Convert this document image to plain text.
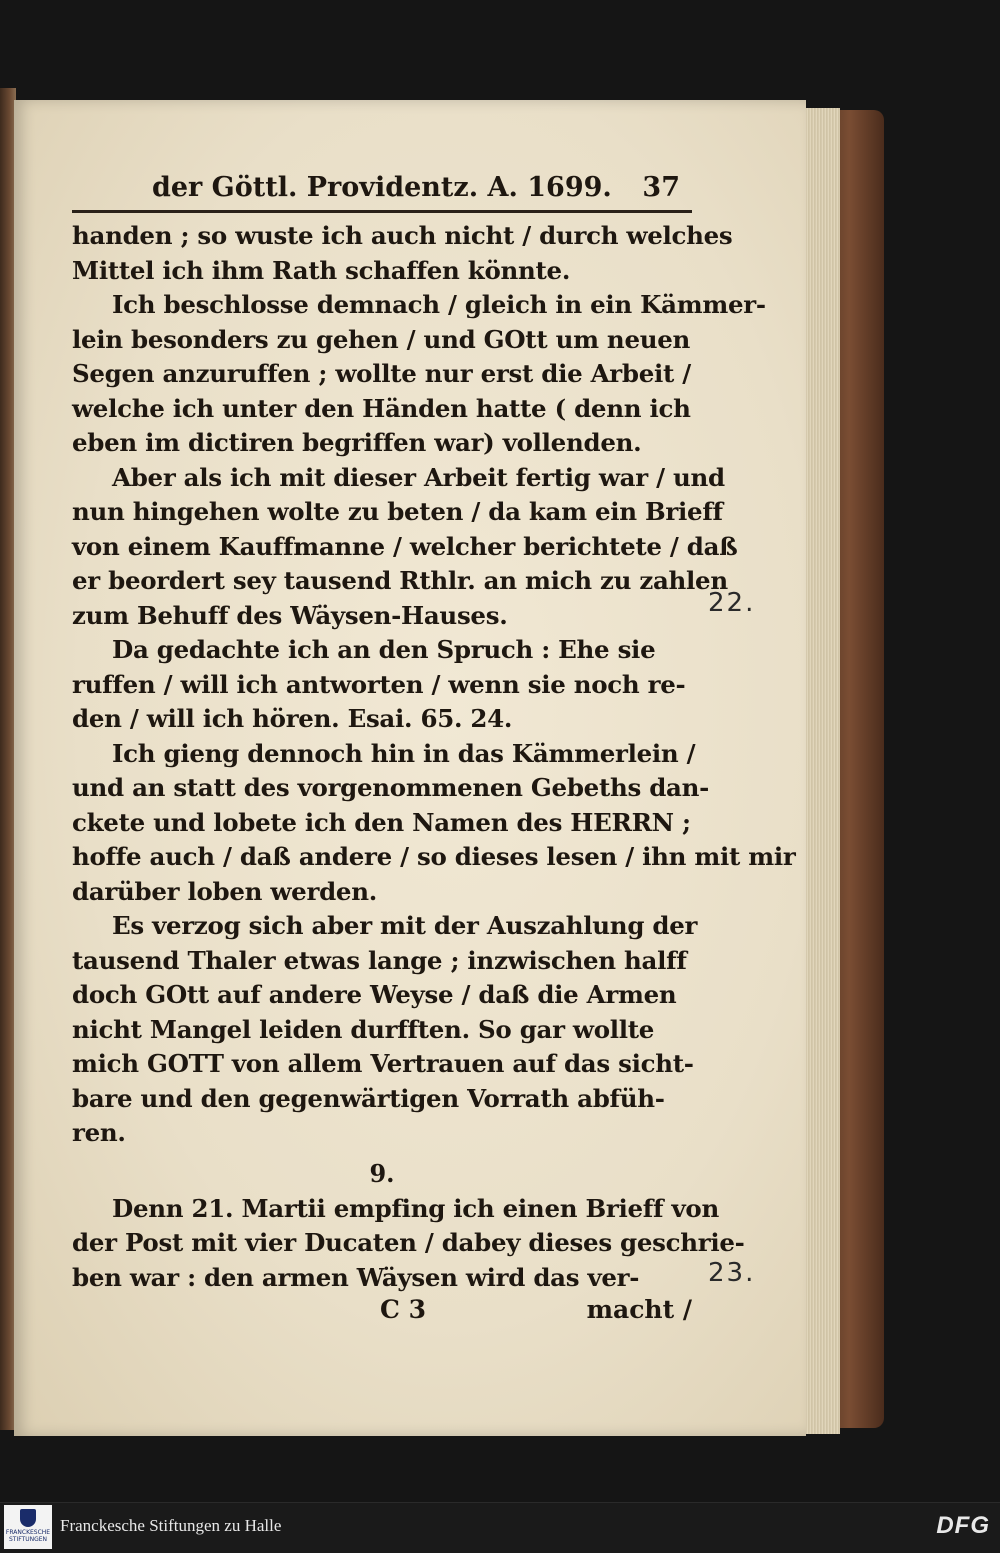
der Göttl. Providentz. A. 1699. 37

handen ; so wuste ich auch nicht / durch welches
Mittel ich ihm Rath schaffen könnte.

Ich beschlosse demnach / gleich in ein Kämmer-
lein besonders zu gehen / und GOtt um neuen
Segen anzuruffen ; wollte nur erst die Arbeit /
welche ich unter den Händen hatte ( denn ich
eben im dictiren begriffen war) vollenden.

Aber als ich mit dieser Arbeit fertig war / und
nun hingehen wolte zu beten / da kam ein Brieff
von einem Kauffmanne / welcher berichtete / daß
er beordert sey tausend Rthlr. an mich zu zahlen
zum Behuff des Wäysen-Hauses.

Da gedachte ich an den Spruch : Ehe sie
ruffen / will ich antworten / wenn sie noch re-
den / will ich hören. Esai. 65. 24.

Ich gieng dennoch hin in das Kämmerlein /
und an statt des vorgenommenen Gebeths dan-
ckete und lobete ich den Namen des HERRN ;
hoffe auch / daß andere / so dieses lesen / ihn mit mir
darüber loben werden.

Es verzog sich aber mit der Auszahlung der
tausend Thaler etwas lange ; inzwischen halff
doch GOtt auf andere Weyse / daß die Armen
nicht Mangel leiden durfften. So gar wollte
mich GOTT von allem Vertrauen auf das sicht-
bare und den gegenwärtigen Vorrath abfüh-
ren.

9.

Denn 21. Martii empfing ich einen Brieff von
der Post mit vier Ducaten / dabey dieses geschrie-
ben war : den armen Wäysen wird das ver-

C 3	macht /
22.
23.
FRANCKESCHE STIFTUNGEN
Franckesche Stiftungen zu Halle	DFG
